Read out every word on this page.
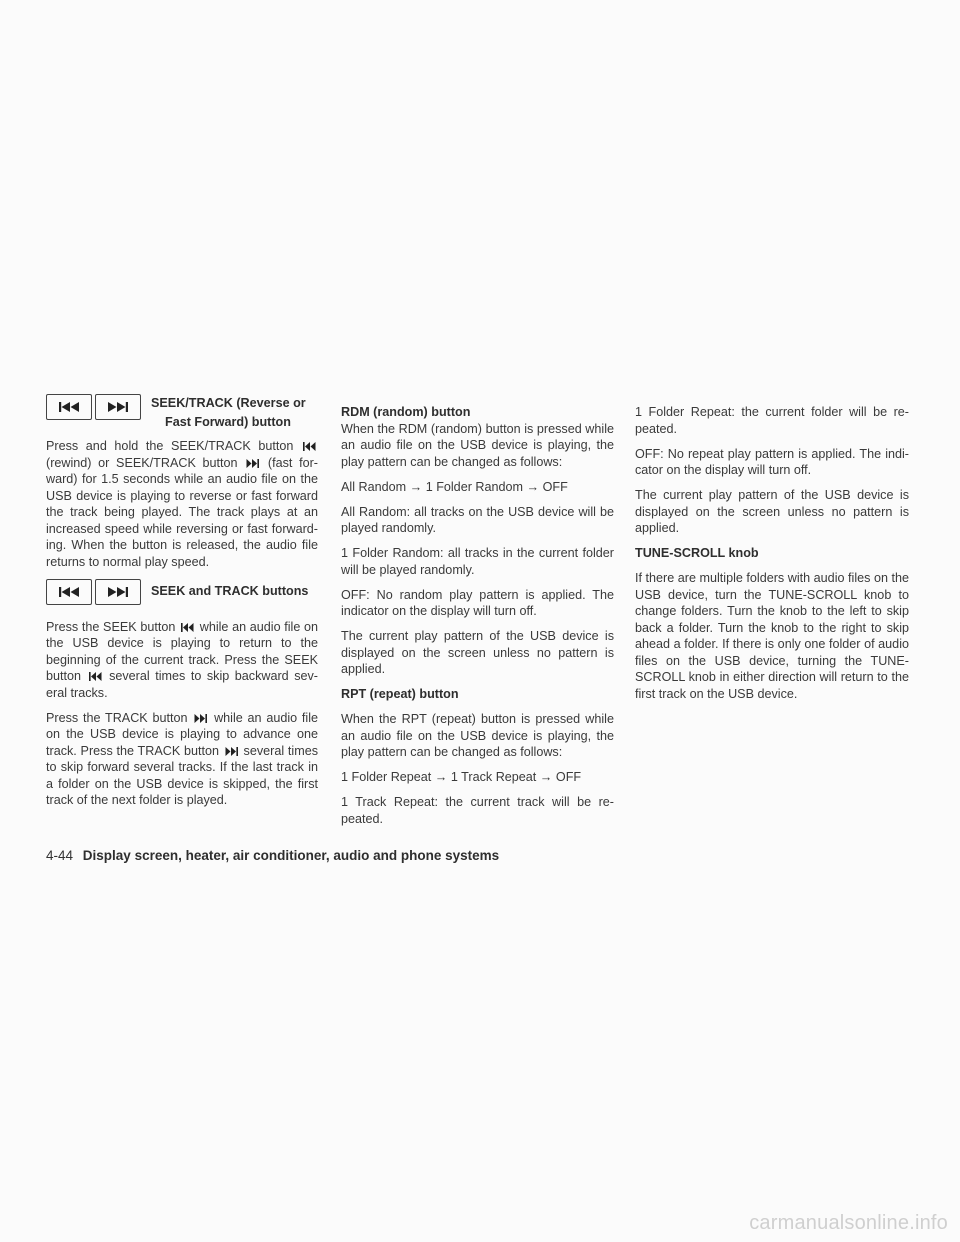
SEEK/TRACK (Reverse or
Fast Forward) button

Press and hold the SEEK/TRACK button  (rewind) or SEEK/TRACK button (fast for-ward) for 1.5 seconds while an audio file on the USB device is playing to reverse or fast forward the track being played. The track plays at an increased speed while reversing or fast forward-ing. When the button is released, the audio file returns to normal play speed.

SEEK and TRACK buttons

Press the SEEK button while an audio file on the USB device is playing to return to the beginning of the current track. Press the SEEK button several times to skip backward sev-eral tracks.

Press the TRACK button while an audio file on the USB device is playing to advance one track. Press the TRACK button several times to skip forward several tracks. If the last track in a folder on the USB device is skipped, the first track of the next folder is played.

RDM (random) button

When the RDM (random) button is pressed while an audio file on the USB device is playing, the play pattern can be changed as follows:

All Random → 1 Folder Random → OFF

All Random: all tracks on the USB device will be played randomly.

1 Folder Random: all tracks in the current folder will be played randomly.

OFF: No random play pattern is applied. The indicator on the display will turn off.

The current play pattern of the USB device is displayed on the screen unless no pattern is applied.

RPT (repeat) button

When the RPT (repeat) button is pressed while an audio file on the USB device is playing, the play pattern can be changed as follows:

1 Folder Repeat → 1 Track Repeat → OFF

1 Track Repeat: the current track will be re-peated.

1 Folder Repeat: the current folder will be re-peated.

OFF: No repeat play pattern is applied. The indi-cator on the display will turn off.

The current play pattern of the USB device is displayed on the screen unless no pattern is applied.

TUNE-SCROLL knob

If there are multiple folders with audio files on the USB device, turn the TUNE-SCROLL knob to change folders. Turn the knob to the left to skip back a folder. Turn the knob to the right to skip ahead a folder. If there is only one folder of audio files on the USB device, turning the TUNE-SCROLL knob in either direction will return to the first track on the USB device.

4-44 Display screen, heater, air conditioner, audio and phone systems
carmanualsonline.info
